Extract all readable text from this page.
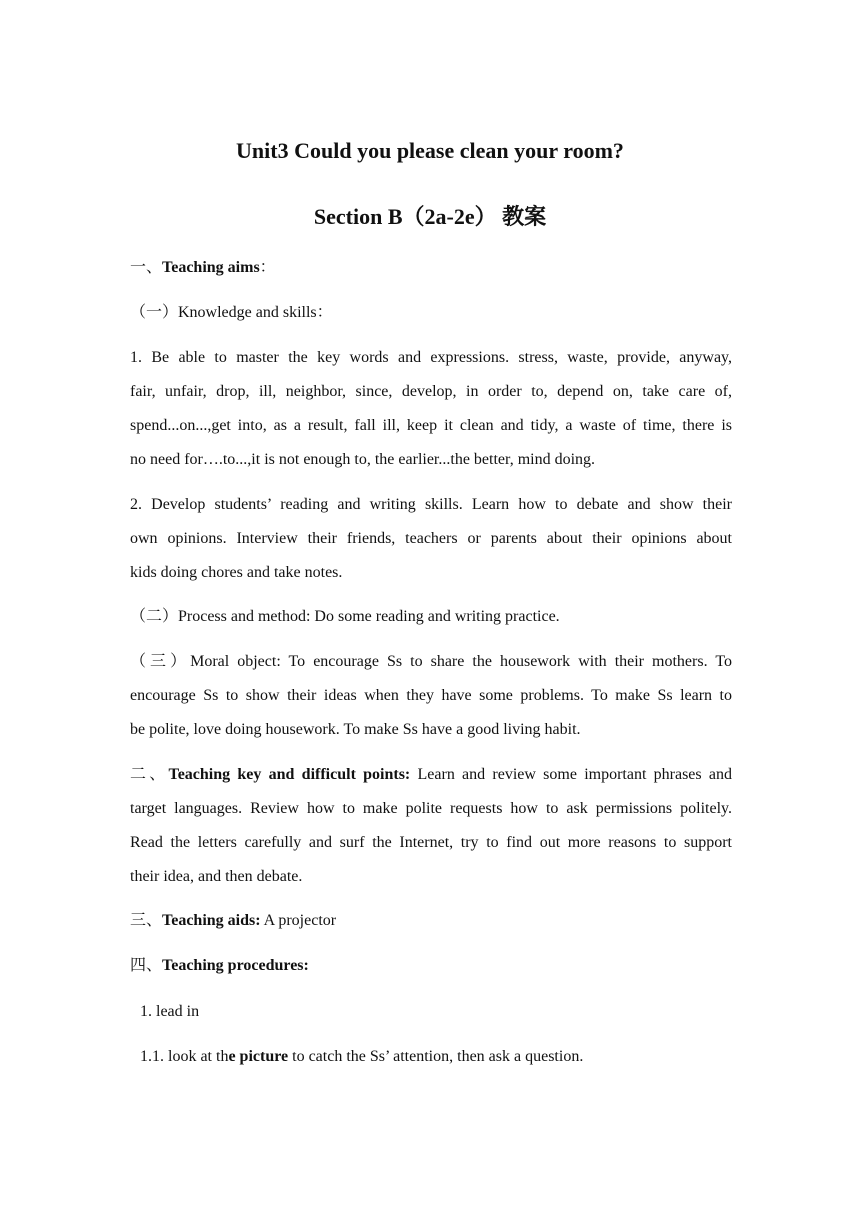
Unit3 Could you please clean your room?
Section B（2a-2e） 教案
一、Teaching aims：
（一）Knowledge and skills：
1. Be able to master the key words and expressions. stress, waste, provide, anyway,
fair, unfair, drop, ill, neighbor, since, develop, in order to, depend on, take care of,
spend...on...,get into, as a result, fall ill, keep it clean and tidy, a waste of time, there is
no need for….to...,it is not enough to, the earlier...the better, mind doing.
2. Develop students’ reading and writing skills. Learn how to debate and show their
own opinions. Interview their friends, teachers or parents about their opinions about
kids doing chores and take notes.
（二）Process and method: Do some reading and writing practice.
（三）Moral object: To encourage Ss to share the housework with their mothers. To
encourage Ss to show their ideas when they have some problems. To make Ss learn to
be polite, love doing housework. To make Ss have a good living habit.
二、Teaching key and difficult points: Learn and review some important phrases and
target languages. Review how to make polite requests how to ask permissions politely.
Read the letters carefully and surf the Internet, try to find out more reasons to support
their idea, and then debate.
三、Teaching aids: A projector
四、Teaching procedures:
1. lead in
1.1. look at the picture to catch the Ss’ attention, then ask a question.
